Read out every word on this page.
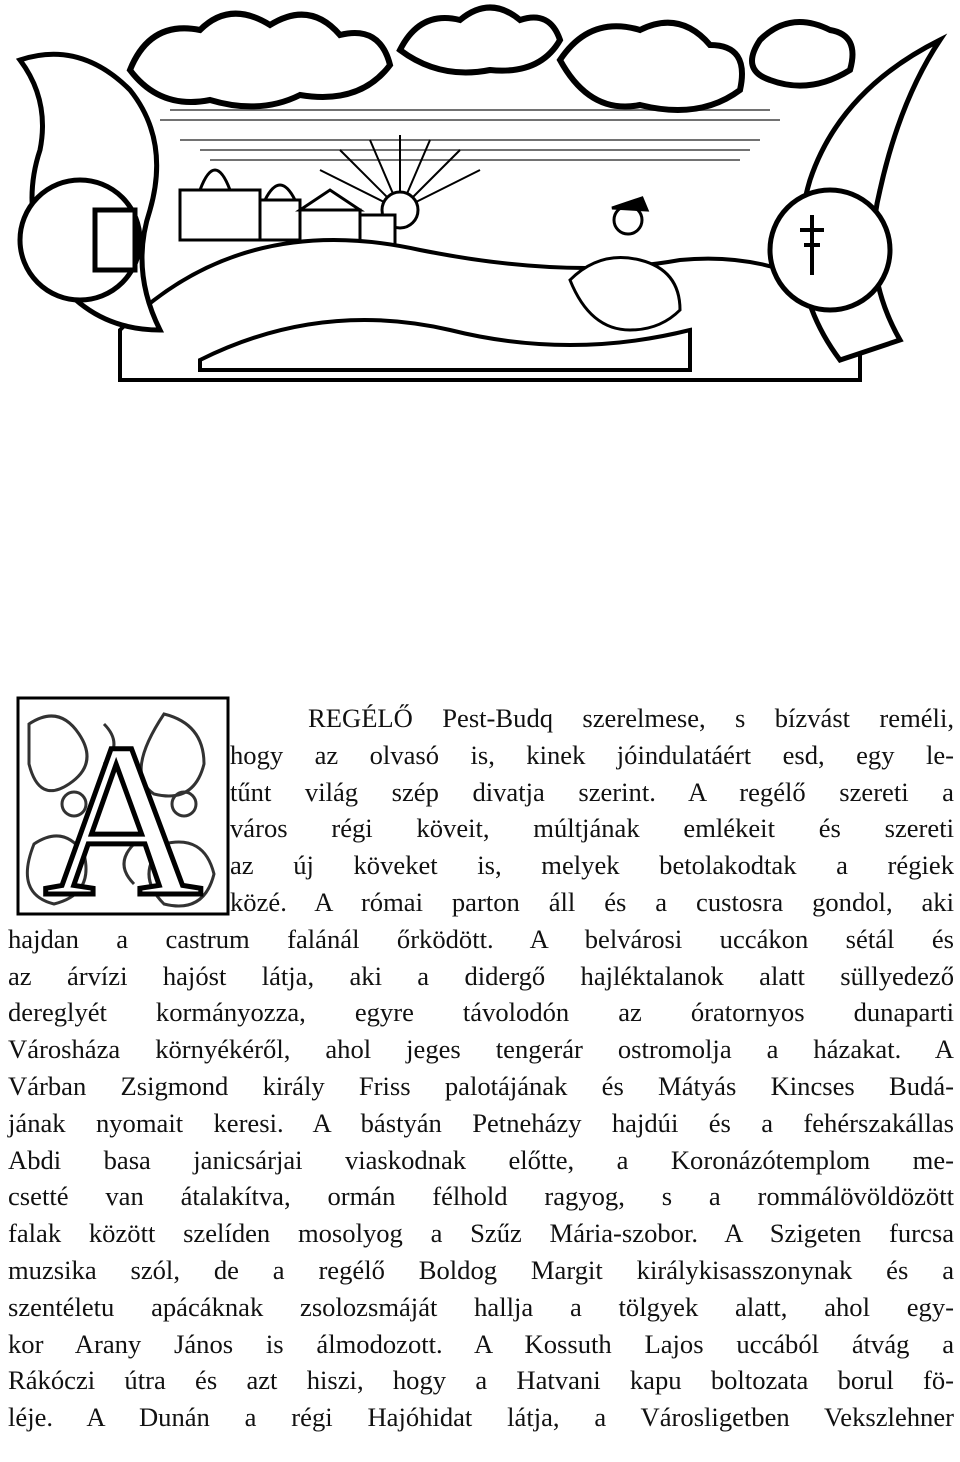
A	REGÉLŐ Pest-Budq szerelmese, s bízvást reméli,
hogy az olvasó is, kinek jóindulatáért esd, egy le-
tűnt világ szép divatja szerint. A regélő szereti a
város régi köveit, múltjának emlékeit és szereti
az új köveket is, melyek betolakodtak a régiek
közé. A római parton áll és a custosra gondol, aki
hajdan a castrum falánál őrködött. A belvárosi uccákon sétál és
az árvízi hajóst látja, aki a didergő hajléktalanok alatt süllyedező
dereglyét kormányozza, egyre távolodón az óratornyos dunaparti
Városháza környékéről, ahol jeges tengerár ostromolja a házakat. A
Várban Zsigmond király Friss palotájának és Mátyás Kincses Budá-
jának nyomait keresi. A bástyán Petneházy hajdúi és a fehérszakállas
Abdi basa janicsárjai viaskodnak előtte, a Koronázótemplom me-
csetté van átalakítva, ormán félhold ragyog, s a rommálövöldözött
falak között szelíden mosolyog a Szűz Mária-szobor. A Szigeten furcsa
muzsika szól, de a regélő Boldog Margit királykisasszonynak és a
szentéletu apácáknak zsolozsmáját hallja a tölgyek alatt, ahol egy-
kor Arany János is álmodozott. A Kossuth Lajos uccából átvág a
Rákóczi útra és azt hiszi, hogy a Hatvani kapu boltozata borul fö-
léje. A Dunán a régi Hajóhidat látja, a Városligetben Vekszlehner
